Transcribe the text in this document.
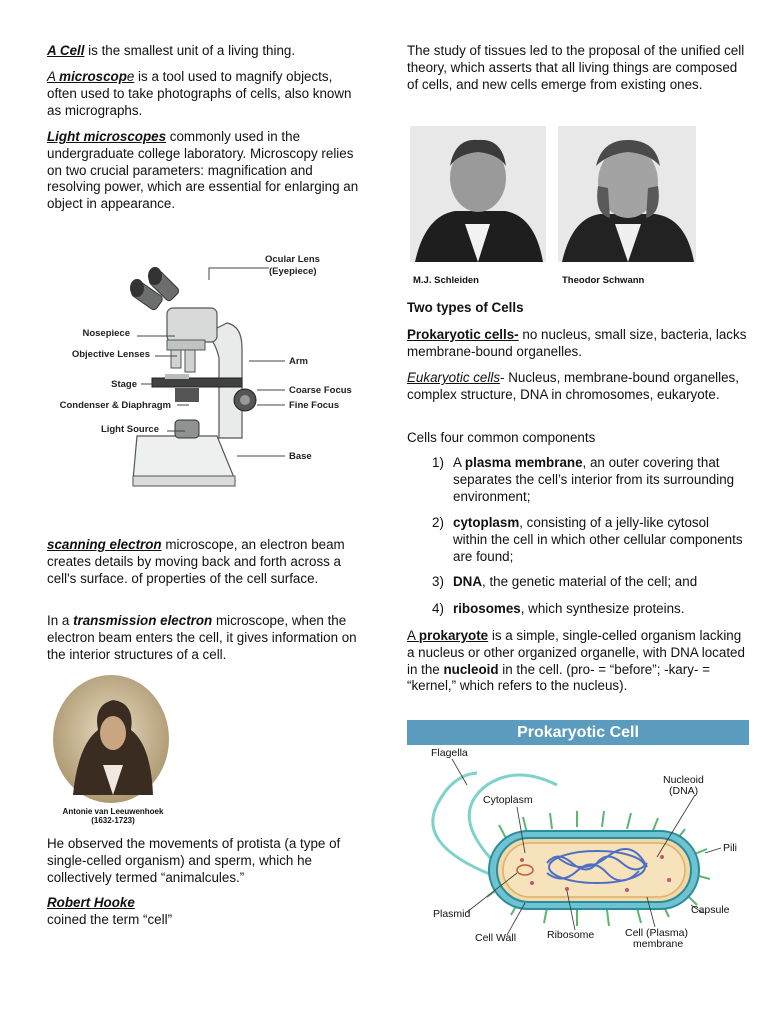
A Cell is the smallest unit of a living thing.

A microscope is a tool used to magnify objects, often used to take photographs of cells, also known as micrographs.

Light microscopes commonly used in the undergraduate college laboratory. Microscopy relies on two crucial parameters: magnification and resolving power, which are essential for enlarging an object in appearance.

Ocular Lens
(Eyepiece)
Nosepiece
Objective Lenses
Stage
Condenser & Diaphragm
Light Source
Arm
Coarse Focus
Fine Focus
Base

scanning electron microscope, an electron beam creates details by moving back and forth across a cell's surface. of properties of the cell surface.

In a transmission electron microscope, when the electron beam enters the cell, it gives information on the interior structures of a cell.

Antonie van Leeuwenhoek
(1632-1723)

He observed the movements of protista (a type of single-celled organism) and sperm, which he collectively termed “animalcules.”

Robert Hooke
coined the term “cell”

The study of tissues led to the proposal of the unified cell theory, which asserts that all living things are composed of cells, and new cells emerge from existing ones.

M.J. Schleiden	Theodor Schwann

Two types of Cells

Prokaryotic cells- no nucleus, small size, bacteria, lacks membrane-bound organelles.

Eukaryotic cells- Nucleus, membrane-bound organelles, complex structure, DNA in chromosomes, eukaryote.

Cells four common components

1) A plasma membrane, an outer covering that separates the cell’s interior from its surrounding environment;
2) cytoplasm, consisting of a jelly-like cytosol within the cell in which other cellular components are found;
3) DNA, the genetic material of the cell; and
4) ribosomes, which synthesize proteins.

A prokaryote is a simple, single-celled organism lacking a nucleus or other organized organelle, with DNA located in the nucleoid in the cell. (pro- = “before”; -kary- = “kernel,” which refers to the nucleus).

Prokaryotic Cell
Flagella
Cytoplasm
Nucleoid
(DNA)
Pili
Capsule
Plasmid
Cell Wall	Ribosome	Cell (Plasma)
membrane
